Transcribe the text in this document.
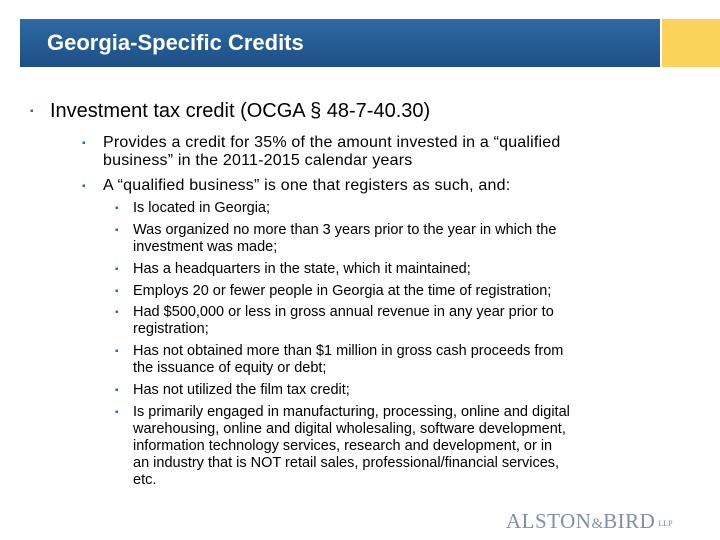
Georgia-Specific Credits
▪ Investment tax credit (OCGA § 48-7-40.30)
▪ Provides a credit for 35% of the amount invested in a “qualified
business” in the 2011-2015 calendar years
▪ A “qualified business” is one that registers as such, and:
▪ Is located in Georgia;
▪ Was organized no more than 3 years prior to the year in which the
investment was made;
▪ Has a headquarters in the state, which it maintained;
▪ Employs 20 or fewer people in Georgia at the time of registration;
▪ Had $500,000 or less in gross annual revenue in any year prior to
registration;
▪ Has not obtained more than $1 million in gross cash proceeds from
the issuance of equity or debt;
▪ Has not utilized the film tax credit;
▪ Is primarily engaged in manufacturing, processing, online and digital
warehousing, online and digital wholesaling, software development,
information technology services, research and development, or in
an industry that is NOT retail sales, professional/financial services,
etc.
ALSTON&BIRD LLP
